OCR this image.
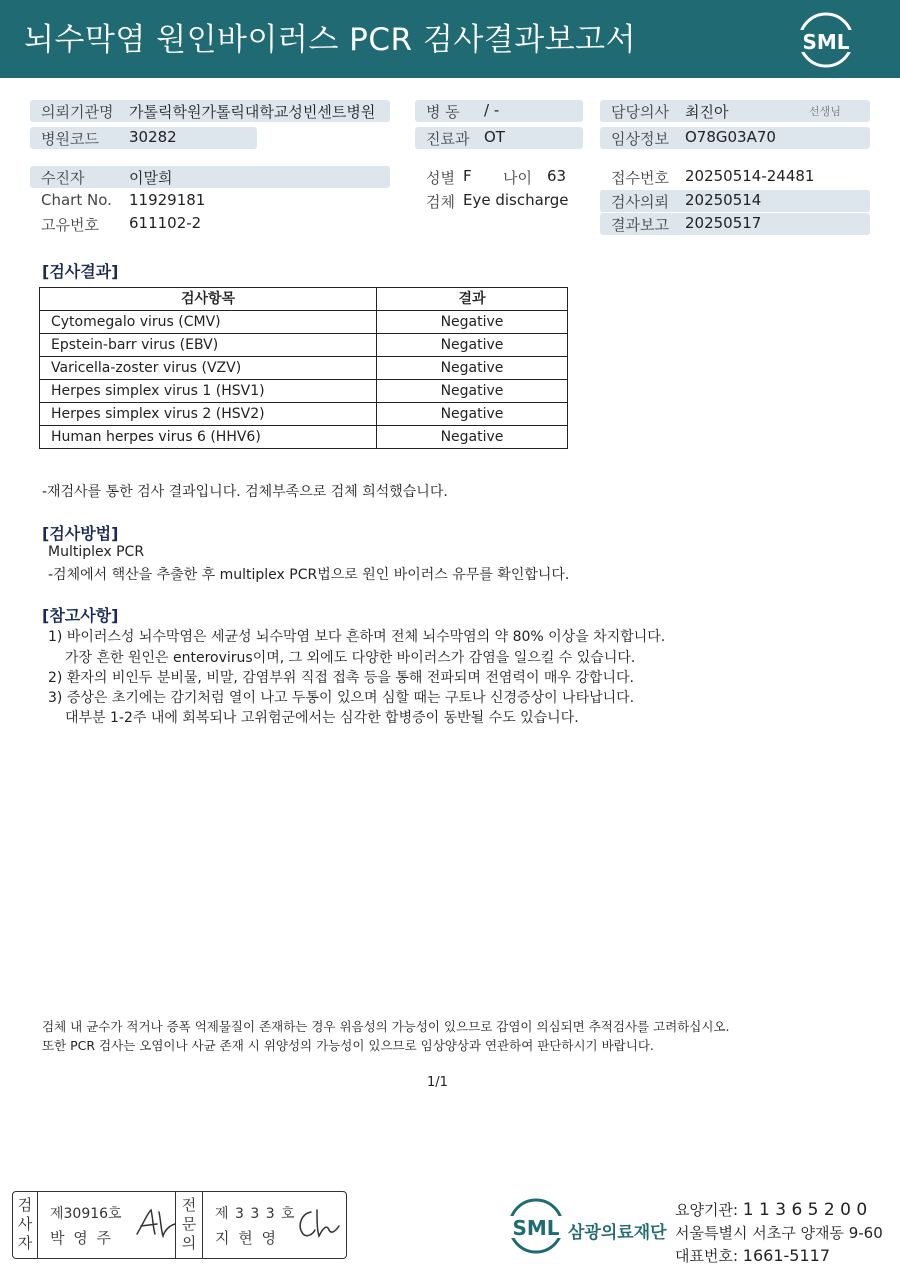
뇌수막염 원인바이러스 PCR 검사결과보고서	SML
의뢰기관명 가톨릭학원가톨릭대학교성빈센트병원
병원코드 30282
병 동 / -
진료과 OT
담당의사 최진아	선생님
임상정보 O78G03A70
수진자	이말희
Chart No. 11929181
고유번호 611102-2
성별 F 나이 63
검체 Eye discharge
접수번호 20250514-24481
검사의뢰 20250514
결과보고 20250517
[검사결과]
검사항목	결과
Cytomegalo virus (CMV)	Negative
Epstein-barr virus (EBV)	Negative
Varicella-zoster virus (VZV)	Negative
Herpes simplex virus 1 (HSV1)	Negative
Herpes simplex virus 2 (HSV2)	Negative
Human herpes virus 6 (HHV6)	Negative
-재검사를 통한 검사 결과입니다. 검체부족으로 검체 희석했습니다.
[검사방법]
Multiplex PCR
-검체에서 핵산을 추출한 후 multiplex PCR법으로 원인 바이러스 유무를 확인합니다.
[참고사항]
1) 바이러스성 뇌수막염은 세균성 뇌수막염 보다 흔하며 전체 뇌수막염의 약 80% 이상을 차지합니다.
가장 흔한 원인은 enterovirus이며, 그 외에도 다양한 바이러스가 감염을 일으킬 수 있습니다.
2) 환자의 비인두 분비물, 비말, 감염부위 직접 접촉 등을 통해 전파되며 전염력이 매우 강합니다.
3) 증상은 초기에는 감기처럼 열이 나고 두통이 있으며 심할 때는 구토나 신경증상이 나타납니다.
대부분 1-2주 내에 회복되나 고위험군에서는 심각한 합병증이 동반될 수도 있습니다.
검체 내 균수가 적거나 증폭 억제물질이 존재하는 경우 위음성의 가능성이 있으므로 감염이 의심되면 추적검사를 고려하십시오.
또한 PCR 검사는 오염이나 사균 존재 시 위양성의 가능성이 있으므로 임상양상과 연관하여 판단하시기 바랍니다.
1/1
검
사
자
제30916호
박 영 주
전
문
의
제 3 3 3 호
지 현 영	SML 삼광의료재단
요양기관: 1 1 3 6 5 2 0 0
서울특별시 서초구 양재동 9-60
대표번호: 1661-5117
